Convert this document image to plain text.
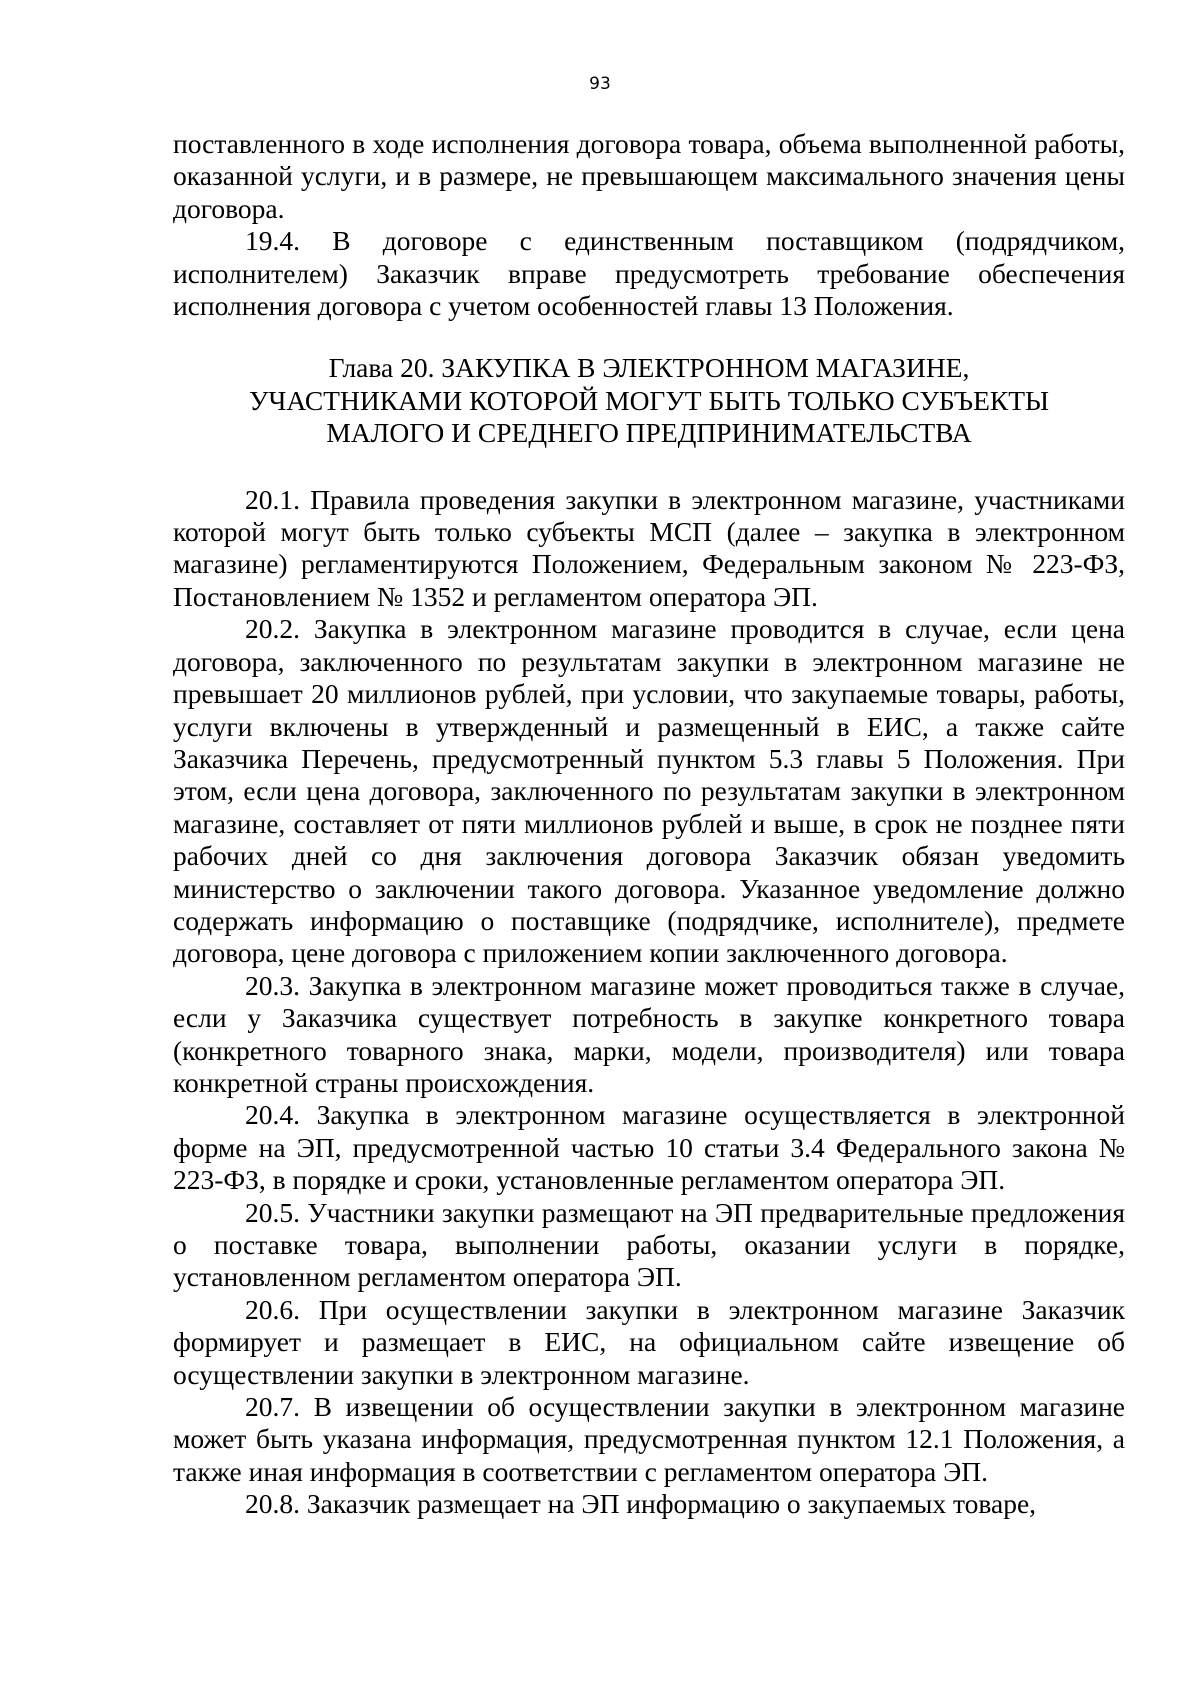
93

поставленного в ходе исполнения договора товара, объема выполненной работы, оказанной услуги, и в размере, не превышающем максимального значения цены договора.

19.4. В договоре с единственным поставщиком (подрядчиком, исполнителем) Заказчик вправе предусмотреть требование обеспечения исполнения договора с учетом особенностей главы 13 Положения.

Глава 20. ЗАКУПКА В ЭЛЕКТРОННОМ МАГАЗИНЕ,
УЧАСТНИКАМИ КОТОРОЙ МОГУТ БЫТЬ ТОЛЬКО СУБЪЕКТЫ
МАЛОГО И СРЕДНЕГО ПРЕДПРИНИМАТЕЛЬСТВА

20.1. Правила проведения закупки в электронном магазине, участниками которой могут быть только субъекты МСП (далее – закупка в электронном магазине) регламентируются Положением, Федеральным законом № 223-ФЗ, Постановлением № 1352 и регламентом оператора ЭП.

20.2. Закупка в электронном магазине проводится в случае, если цена договора, заключенного по результатам закупки в электронном магазине не превышает 20 миллионов рублей, при условии, что закупаемые товары, работы, услуги включены в утвержденный и размещенный в ЕИС, а также сайте Заказчика Перечень, предусмотренный пунктом 5.3 главы 5 Положения. При этом, если цена договора, заключенного по результатам закупки в электронном магазине, составляет от пяти миллионов рублей и выше, в срок не позднее пяти рабочих дней со дня заключения договора Заказчик обязан уведомить министерство о заключении такого договора. Указанное уведомление должно содержать информацию о поставщике (подрядчике, исполнителе), предмете договора, цене договора с приложением копии заключенного договора.

20.3. Закупка в электронном магазине может проводиться также в случае, если у Заказчика существует потребность в закупке конкретного товара (конкретного товарного знака, марки, модели, производителя) или товара конкретной страны происхождения.

20.4. Закупка в электронном магазине осуществляется в электронной форме на ЭП, предусмотренной частью 10 статьи 3.4 Федерального закона № 223-ФЗ, в порядке и сроки, установленные регламентом оператора ЭП.

20.5. Участники закупки размещают на ЭП предварительные предложения о поставке товара, выполнении работы, оказании услуги в порядке, установленном регламентом оператора ЭП.

20.6. При осуществлении закупки в электронном магазине Заказчик формирует и размещает в ЕИС, на официальном сайте извещение об осуществлении закупки в электронном магазине.

20.7. В извещении об осуществлении закупки в электронном магазине может быть указана информация, предусмотренная пунктом 12.1 Положения, а также иная информация в соответствии с регламентом оператора ЭП.

20.8. Заказчик размещает на ЭП информацию о закупаемых товаре,
